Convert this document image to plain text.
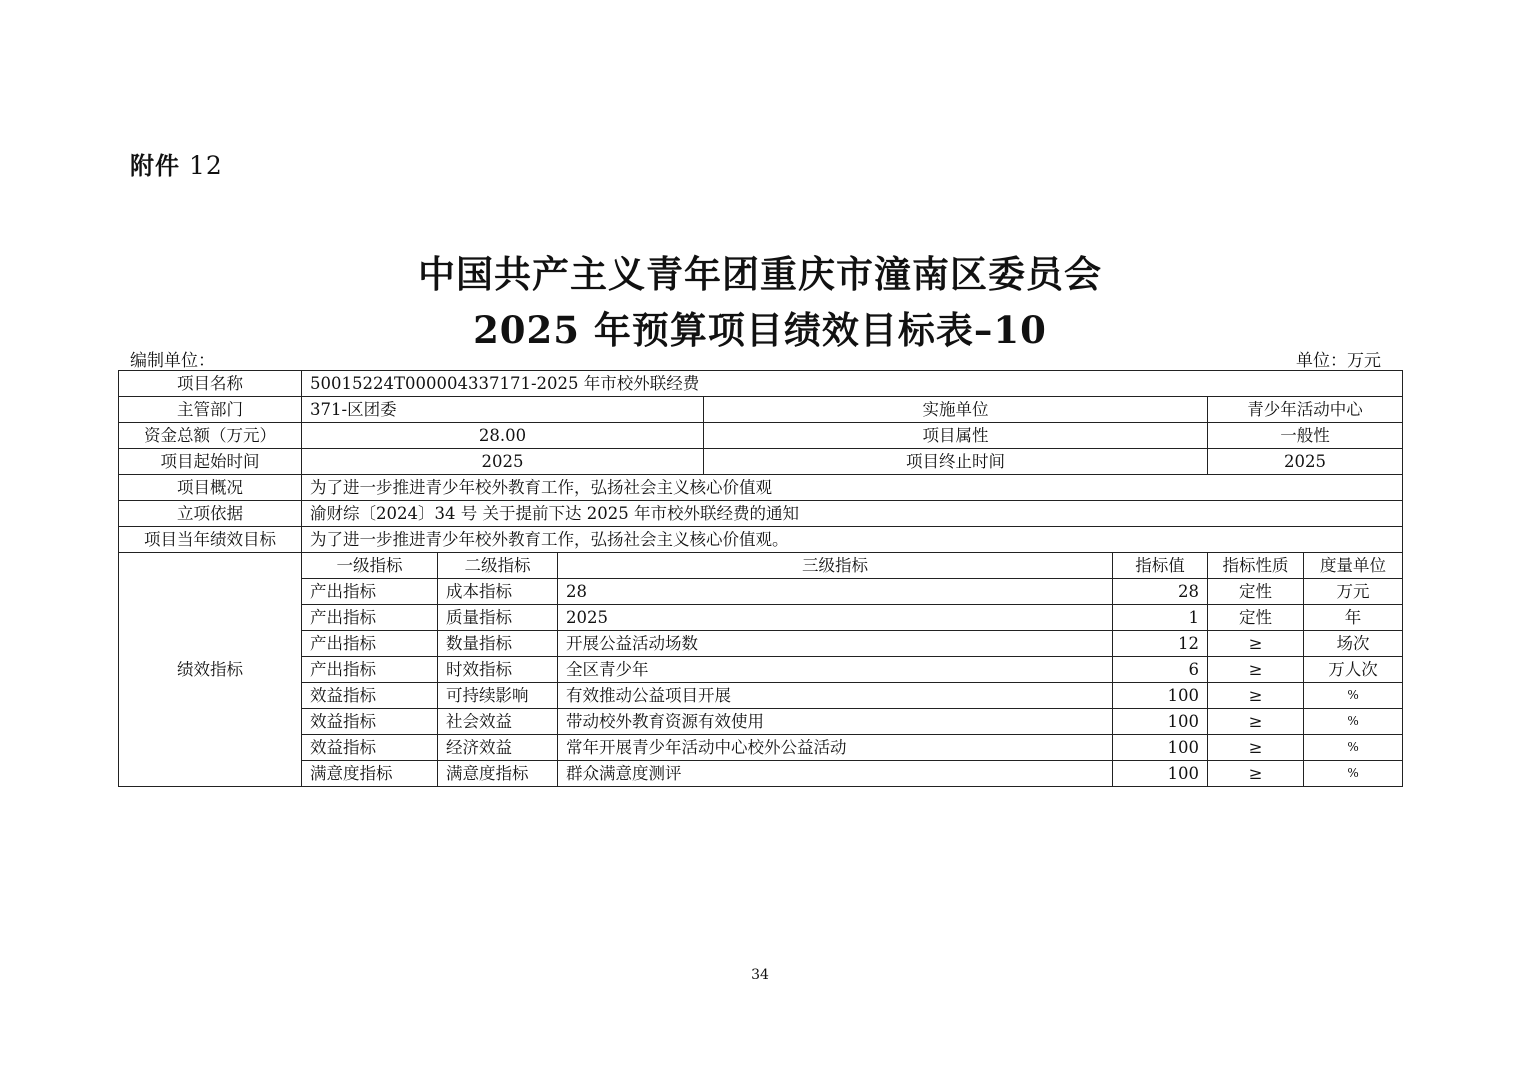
附件 12
中国共产主义青年团重庆市潼南区委员会
2025 年预算项目绩效目标表–10
编制单位：	单位：万元
项目名称	50015224T000004337171-2025 年市校外联经费						
主管部门	371-区团委			实施单位		青少年活动中心	
资金总额（万元）	28.00			项目属性		一般性	
项目起始时间	2025			项目终止时间		2025	
项目概况	为了进一步推进青少年校外教育工作，弘扬社会主义核心价值观						
立项依据	渝财综〔2024〕34 号 关于提前下达 2025 年市校外联经费的通知						
项目当年绩效目标	为了进一步推进青少年校外教育工作，弘扬社会主义核心价值观。						
绩效指标	一级指标	二级指标	三级指标		指标值	指标性质	度量单位
	产出指标	成本指标	28		28	定性	万元
	产出指标	质量指标	2025		1	定性	年
	产出指标	数量指标	开展公益活动场数		12	≥	场次
	产出指标	时效指标	全区青少年		6	≥	万人次
	效益指标	可持续影响	有效推动公益项目开展		100	≥	%
	效益指标	社会效益	带动校外教育资源有效使用		100	≥	%
	效益指标	经济效益	常年开展青少年活动中心校外公益活动		100	≥	%
	满意度指标	满意度指标	群众满意度测评		100	≥	%
34
